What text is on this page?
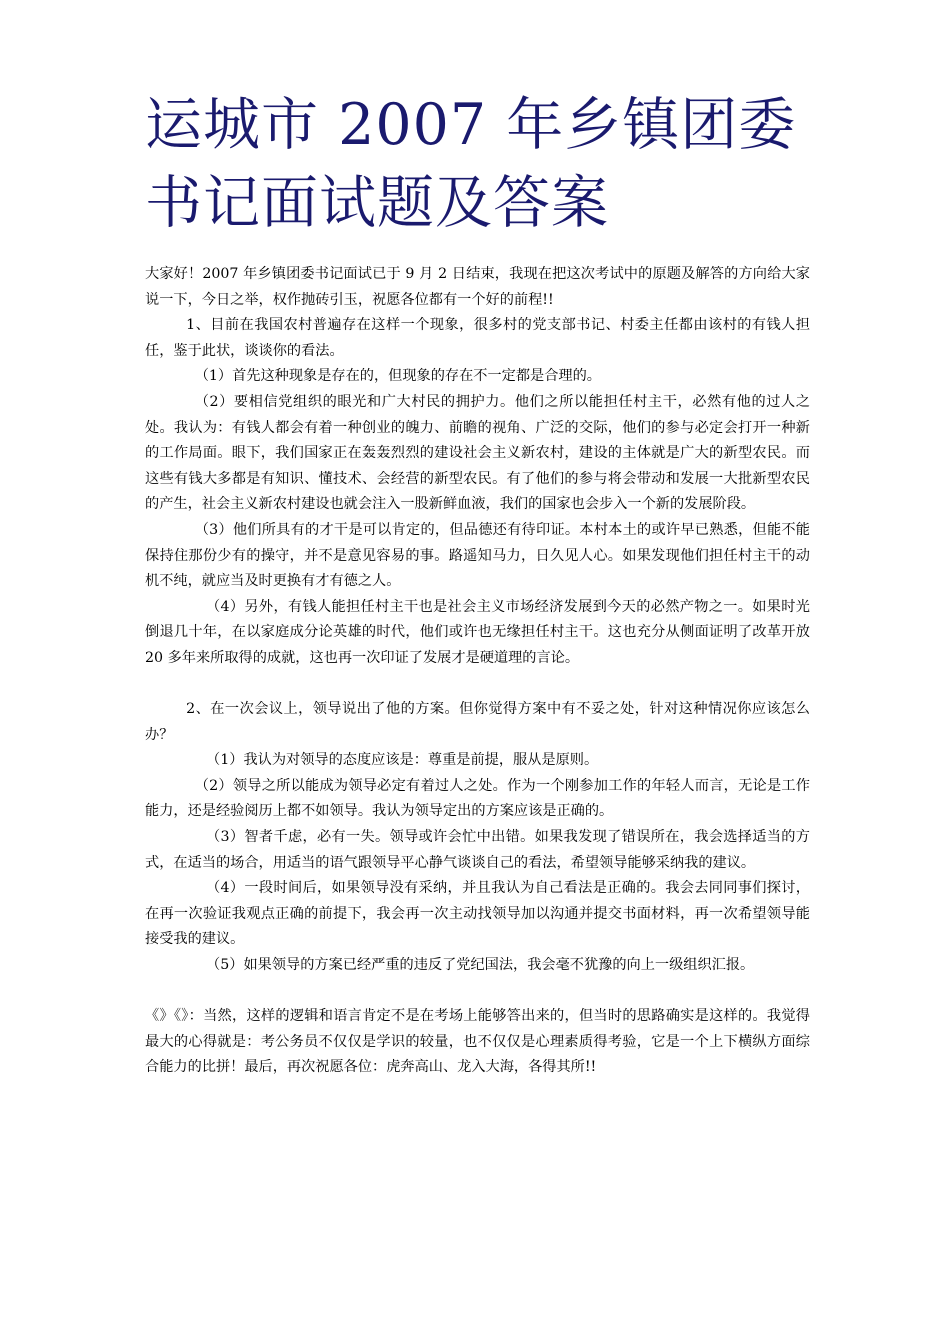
运城市 2007 年乡镇团委书记面试题及答案

大家好！2007 年乡镇团委书记面试已于 9 月 2 日结束，我现在把这次考试中的原题及解答的方向给大家说一下，今日之举，权作抛砖引玉，祝愿各位都有一个好的前程!!

1、目前在我国农村普遍存在这样一个现象，很多村的党支部书记、村委主任都由该村的有钱人担任，鉴于此状，谈谈你的看法。

（1）首先这种现象是存在的，但现象的存在不一定都是合理的。

（2）要相信党组织的眼光和广大村民的拥护力。他们之所以能担任村主干，必然有他的过人之处。我认为：有钱人都会有着一种创业的魄力、前瞻的视角、广泛的交际，他们的参与必定会打开一种新的工作局面。眼下，我们国家正在轰轰烈烈的建设社会主义新农村，建设的主体就是广大的新型农民。而这些有钱大多都是有知识、懂技术、会经营的新型农民。有了他们的参与将会带动和发展一大批新型农民的产生，社会主义新农村建设也就会注入一股新鲜血液，我们的国家也会步入一个新的发展阶段。

（3）他们所具有的才干是可以肯定的，但品德还有待印证。本村本土的或许早已熟悉，但能不能保持住那份少有的操守，并不是意见容易的事。路遥知马力，日久见人心。如果发现他们担任村主干的动机不纯，就应当及时更换有才有德之人。

（4）另外，有钱人能担任村主干也是社会主义市场经济发展到今天的必然产物之一。如果时光倒退几十年，在以家庭成分论英雄的时代，他们或许也无缘担任村主干。这也充分从侧面证明了改革开放 20 多年来所取得的成就，这也再一次印证了发展才是硬道理的言论。

2、在一次会议上，领导说出了他的方案。但你觉得方案中有不妥之处，针对这种情况你应该怎么办？

（1）我认为对领导的态度应该是：尊重是前提，服从是原则。

（2）领导之所以能成为领导必定有着过人之处。作为一个刚参加工作的年轻人而言，无论是工作能力，还是经验阅历上都不如领导。我认为领导定出的方案应该是正确的。

（3）智者千虑，必有一失。领导或许会忙中出错。如果我发现了错误所在，我会选择适当的方式，在适当的场合，用适当的语气跟领导平心静气谈谈自己的看法，希望领导能够采纳我的建议。

（4）一段时间后，如果领导没有采纳，并且我认为自己看法是正确的。我会去同同事们探讨，在再一次验证我观点正确的前提下，我会再一次主动找领导加以沟通并提交书面材料，再一次希望领导能接受我的建议。

（5）如果领导的方案已经严重的违反了党纪国法，我会毫不犹豫的向上一级组织汇报。

《》《》：当然，这样的逻辑和语言肯定不是在考场上能够答出来的，但当时的思路确实是这样的。我觉得最大的心得就是：考公务员不仅仅是学识的较量，也不仅仅是心理素质得考验，它是一个上下横纵方面综合能力的比拼！最后，再次祝愿各位：虎奔高山、龙入大海，各得其所!!
